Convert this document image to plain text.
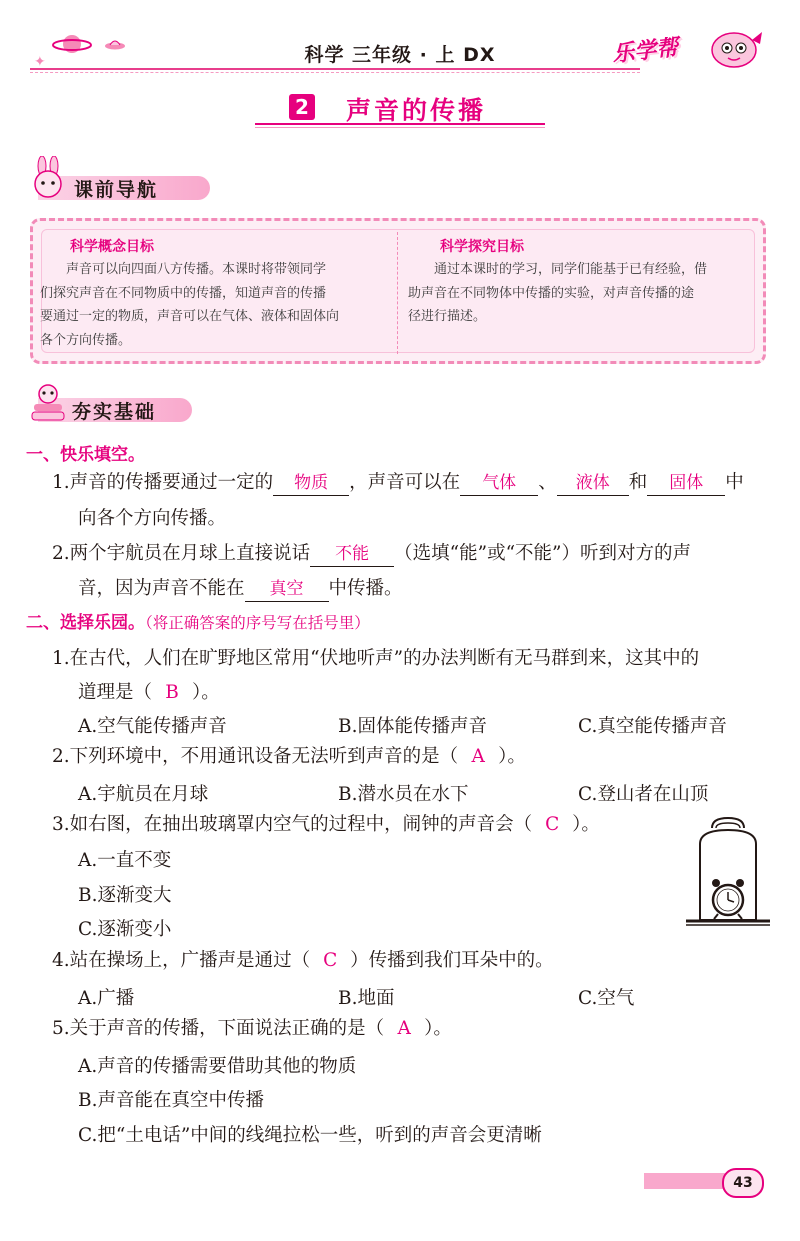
✦	科学 三年级 · 上 DX	乐学帮
2 声音的传播
课前导航
科学概念目标
声音可以向四面八方传播。本课时将带领同学
们探究声音在不同物质中的传播，知道声音的传播
要通过一定的物质，声音可以在气体、液体和固体向
各个方向传播。
科学探究目标
通过本课时的学习，同学们能基于已有经验，借
助声音在不同物体中传播的实验，对声音传播的途
径进行描述。
夯实基础
一、快乐填空。
1.声音的传播要通过一定的 物质 ，声音可以在 气体 、 液体 和 固体 中
向各个方向传播。
2.两个宇航员在月球上直接说话 不能 （选填“能”或“不能”）听到对方的声
音，因为声音不能在 真空 中传播。
二、选择乐园。（将正确答案的序号写在括号里）
1.在古代，人们在旷野地区常用“伏地听声”的办法判断有无马群到来，这其中的
道理是（ B ）。
A.空气能传播声音	B.固体能传播声音	C.真空能传播声音
2.下列环境中，不用通讯设备无法听到声音的是（ A ）。
A.宇航员在月球	B.潜水员在水下	C.登山者在山顶
3.如右图，在抽出玻璃罩内空气的过程中，闹钟的声音会（ C ）。
A.一直不变
B.逐渐变大
C.逐渐变小
4.站在操场上，广播声是通过（ C ）传播到我们耳朵中的。
A.广播	B.地面	C.空气
5.关于声音的传播，下面说法正确的是（ A ）。
A.声音的传播需要借助其他的物质
B.声音能在真空中传播
C.把“土电话”中间的线绳拉松一些，听到的声音会更清晰
43
